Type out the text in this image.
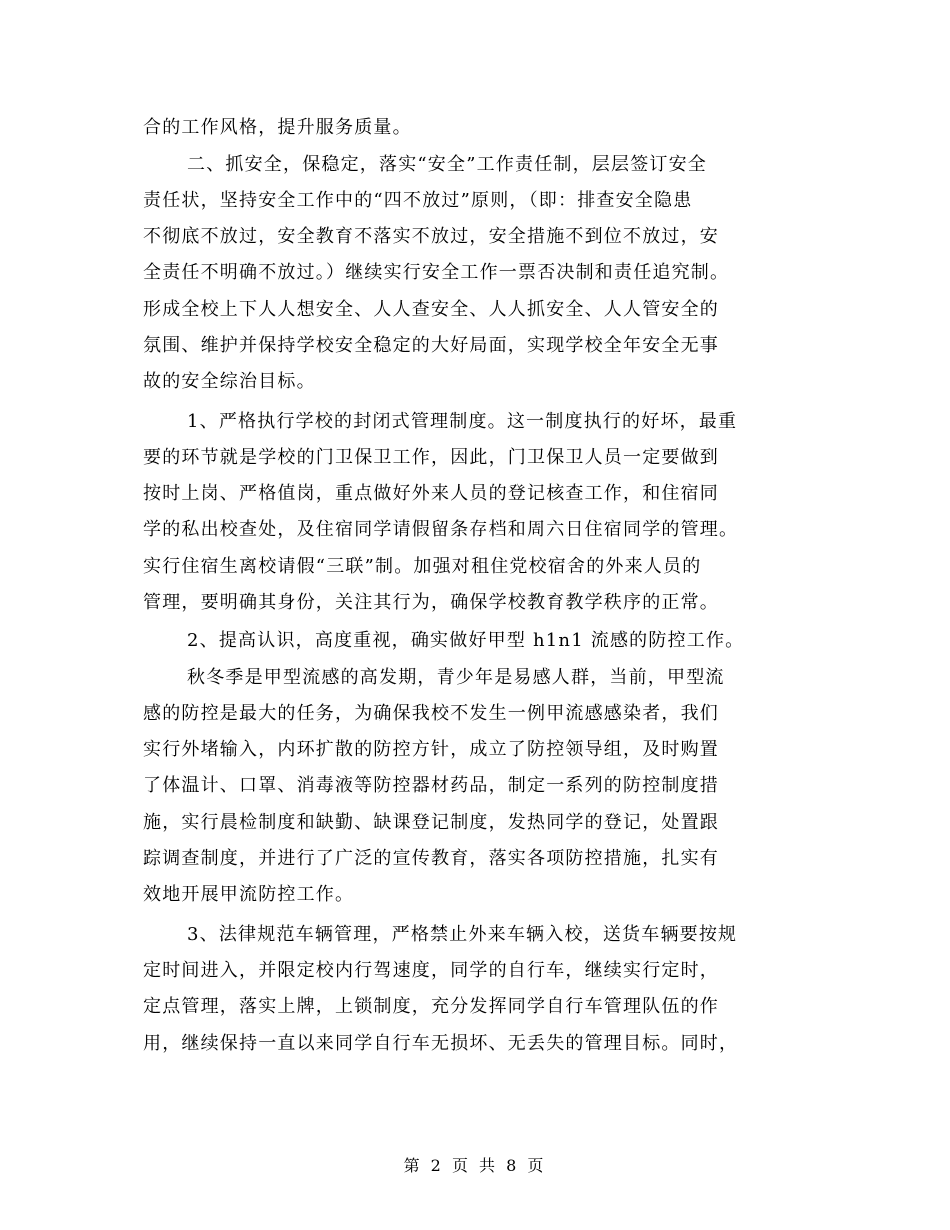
合的工作风格，提升服务质量。
二、抓安全，保稳定，落实“安全”工作责任制，层层签订安全
责任状，坚持安全工作中的“四不放过”原则，（即：排查安全隐患
不彻底不放过，安全教育不落实不放过，安全措施不到位不放过，安
全责任不明确不放过。）继续实行安全工作一票否决制和责任追究制。
形成全校上下人人想安全、人人查安全、人人抓安全、人人管安全的
氛围、维护并保持学校安全稳定的大好局面，实现学校全年安全无事
故的安全综治目标。
1、严格执行学校的封闭式管理制度。这一制度执行的好坏，最重
要的环节就是学校的门卫保卫工作，因此，门卫保卫人员一定要做到
按时上岗、严格值岗，重点做好外来人员的登记核查工作，和住宿同
学的私出校查处，及住宿同学请假留条存档和周六日住宿同学的管理。
实行住宿生离校请假“三联”制。加强对租住党校宿舍的外来人员的
管理，要明确其身份，关注其行为，确保学校教育教学秩序的正常。
2、提高认识，高度重视，确实做好甲型 h1n1 流感的防控工作。
秋冬季是甲型流感的高发期，青少年是易感人群，当前，甲型流
感的防控是最大的任务，为确保我校不发生一例甲流感感染者，我们
实行外堵输入，内环扩散的防控方针，成立了防控领导组，及时购置
了体温计、口罩、消毒液等防控器材药品，制定一系列的防控制度措
施，实行晨检制度和缺勤、缺课登记制度，发热同学的登记，处置跟
踪调查制度，并进行了广泛的宣传教育，落实各项防控措施，扎实有
效地开展甲流防控工作。
3、法律规范车辆管理，严格禁止外来车辆入校，送货车辆要按规
定时间进入，并限定校内行驾速度，同学的自行车，继续实行定时，
定点管理，落实上牌，上锁制度，充分发挥同学自行车管理队伍的作
用，继续保持一直以来同学自行车无损坏、无丢失的管理目标。同时，
第 2 页 共 8 页
